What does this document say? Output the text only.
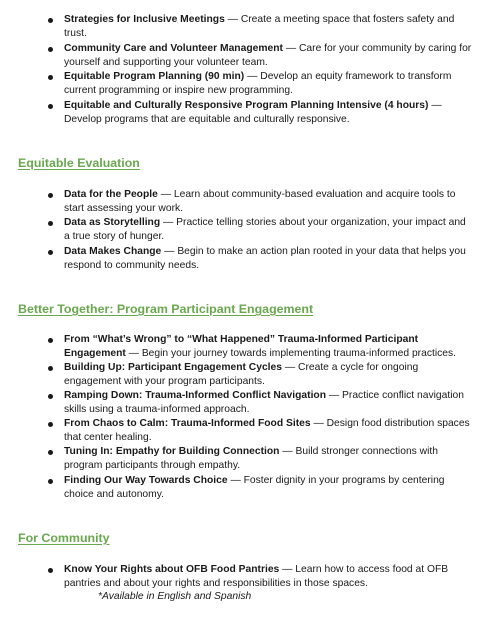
Strategies for Inclusive Meetings — Create a meeting space that fosters safety and trust.
Community Care and Volunteer Management — Care for your community by caring for yourself and supporting your volunteer team.
Equitable Program Planning (90 min) — Develop an equity framework to transform current programming or inspire new programming.
Equitable and Culturally Responsive Program Planning Intensive (4 hours) — Develop programs that are equitable and culturally responsive.
Equitable Evaluation
Data for the People — Learn about community-based evaluation and acquire tools to start assessing your work.
Data as Storytelling — Practice telling stories about your organization, your impact and a true story of hunger.
Data Makes Change — Begin to make an action plan rooted in your data that helps you respond to community needs.
Better Together: Program Participant Engagement
From “What’s Wrong” to “What Happened” Trauma-Informed Participant Engagement — Begin your journey towards implementing trauma-informed practices.
Building Up: Participant Engagement Cycles — Create a cycle for ongoing engagement with your program participants.
Ramping Down: Trauma-Informed Conflict Navigation — Practice conflict navigation skills using a trauma-informed approach.
From Chaos to Calm: Trauma-Informed Food Sites — Design food distribution spaces that center healing.
Tuning In: Empathy for Building Connection — Build stronger connections with program participants through empathy.
Finding Our Way Towards Choice — Foster dignity in your programs by centering choice and autonomy.
For Community
Know Your Rights about OFB Food Pantries — Learn how to access food at OFB pantries and about your rights and responsibilities in those spaces.
*Available in English and Spanish
